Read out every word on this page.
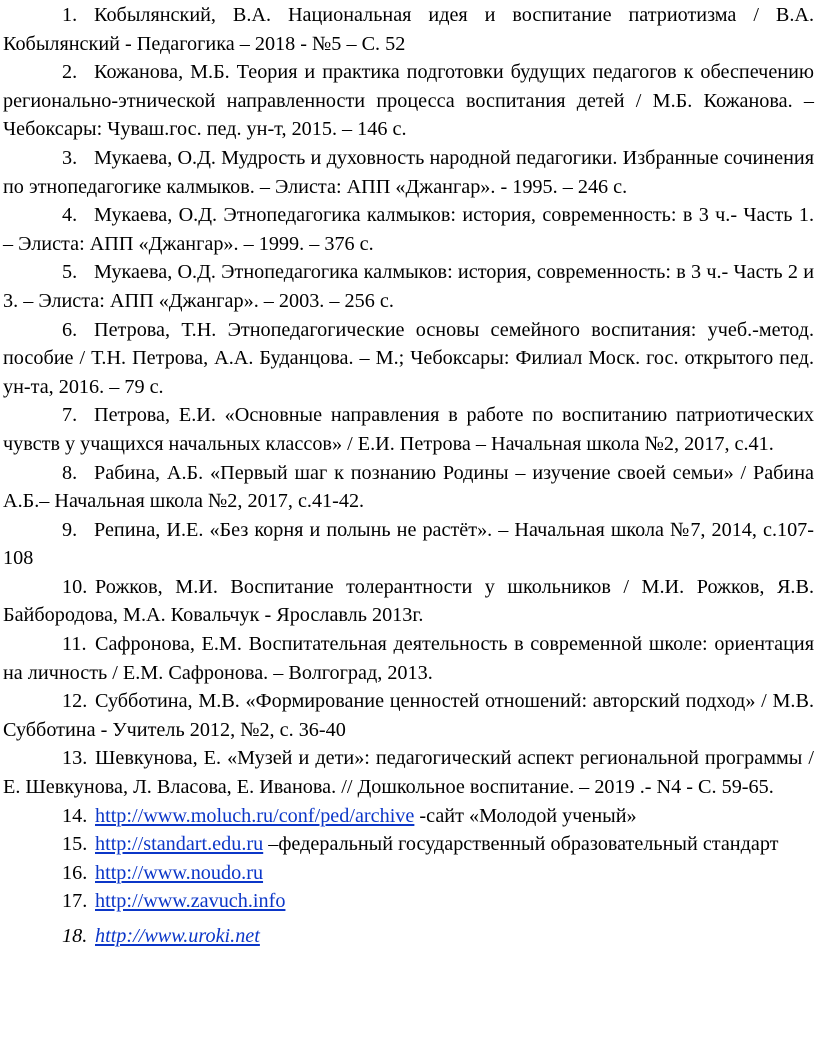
1. Кобылянский, В.А. Национальная идея и воспитание патриотизма / В.А. Кобылянский - Педагогика – 2018 - №5 – С. 52

2. Кожанова, М.Б. Теория и практика подготовки будущих педагогов к обеспечению регионально-этнической направленности процесса воспитания детей / М.Б. Кожанова. – Чебоксары: Чуваш.гос. пед. ун-т, 2015. – 146 с.

3. Мукаева, О.Д. Мудрость и духовность народной педагогики. Избранные сочинения по этнопедагогике калмыков. – Элиста: АПП «Джангар». - 1995. – 246 с.

4. Мукаева, О.Д. Этнопедагогика калмыков: история, современность: в 3 ч.- Часть 1. – Элиста: АПП «Джангар». – 1999. – 376 с.

5. Мукаева, О.Д. Этнопедагогика калмыков: история, современность: в 3 ч.- Часть 2 и 3. – Элиста: АПП «Джангар». – 2003. – 256 с.

6. Петрова, Т.Н. Этнопедагогические основы семейного воспитания: учеб.-метод. пособие / Т.Н. Петрова, А.А. Буданцова. – М.; Чебоксары: Филиал Моск. гос. открытого пед. ун-та, 2016. – 79 с.

7. Петрова, Е.И. «Основные направления в работе по воспитанию патриотических чувств у учащихся начальных классов» / Е.И. Петрова – Начальная школа №2, 2017, с.41.

8. Рабина, А.Б. «Первый шаг к познанию Родины – изучение своей семьи» / Рабина А.Б.– Начальная школа №2, 2017, с.41-42.

9. Репина, И.Е. «Без корня и полынь не растёт». – Начальная школа №7, 2014, с.107-108

10. Рожков, М.И. Воспитание толерантности у школьников / М.И. Рожков, Я.В. Байбородова, М.А. Ковальчук - Ярославль 2013г.

11. Сафронова, Е.М. Воспитательная деятельность в современной школе: ориентация на личность / Е.М. Сафронова. – Волгоград, 2013.

12. Субботина, М.В. «Формирование ценностей отношений: авторский подход» / М.В. Субботина - Учитель 2012, №2, с. 36-40

13. Шевкунова, Е. «Музей и дети»: педагогический аспект региональной программы / Е. Шевкунова, Л. Власова, Е. Иванова. // Дошкольное воспитание. – 2019 .- N4 - С. 59-65.

14. http://www.moluch.ru/conf/ped/archive -сайт «Молодой ученый»

15. http://standart.edu.ru –федеральный государственный образовательный стандарт

16. http://www.noudo.ru

17. http://www.zavuch.info

18. http://www.uroki.net
